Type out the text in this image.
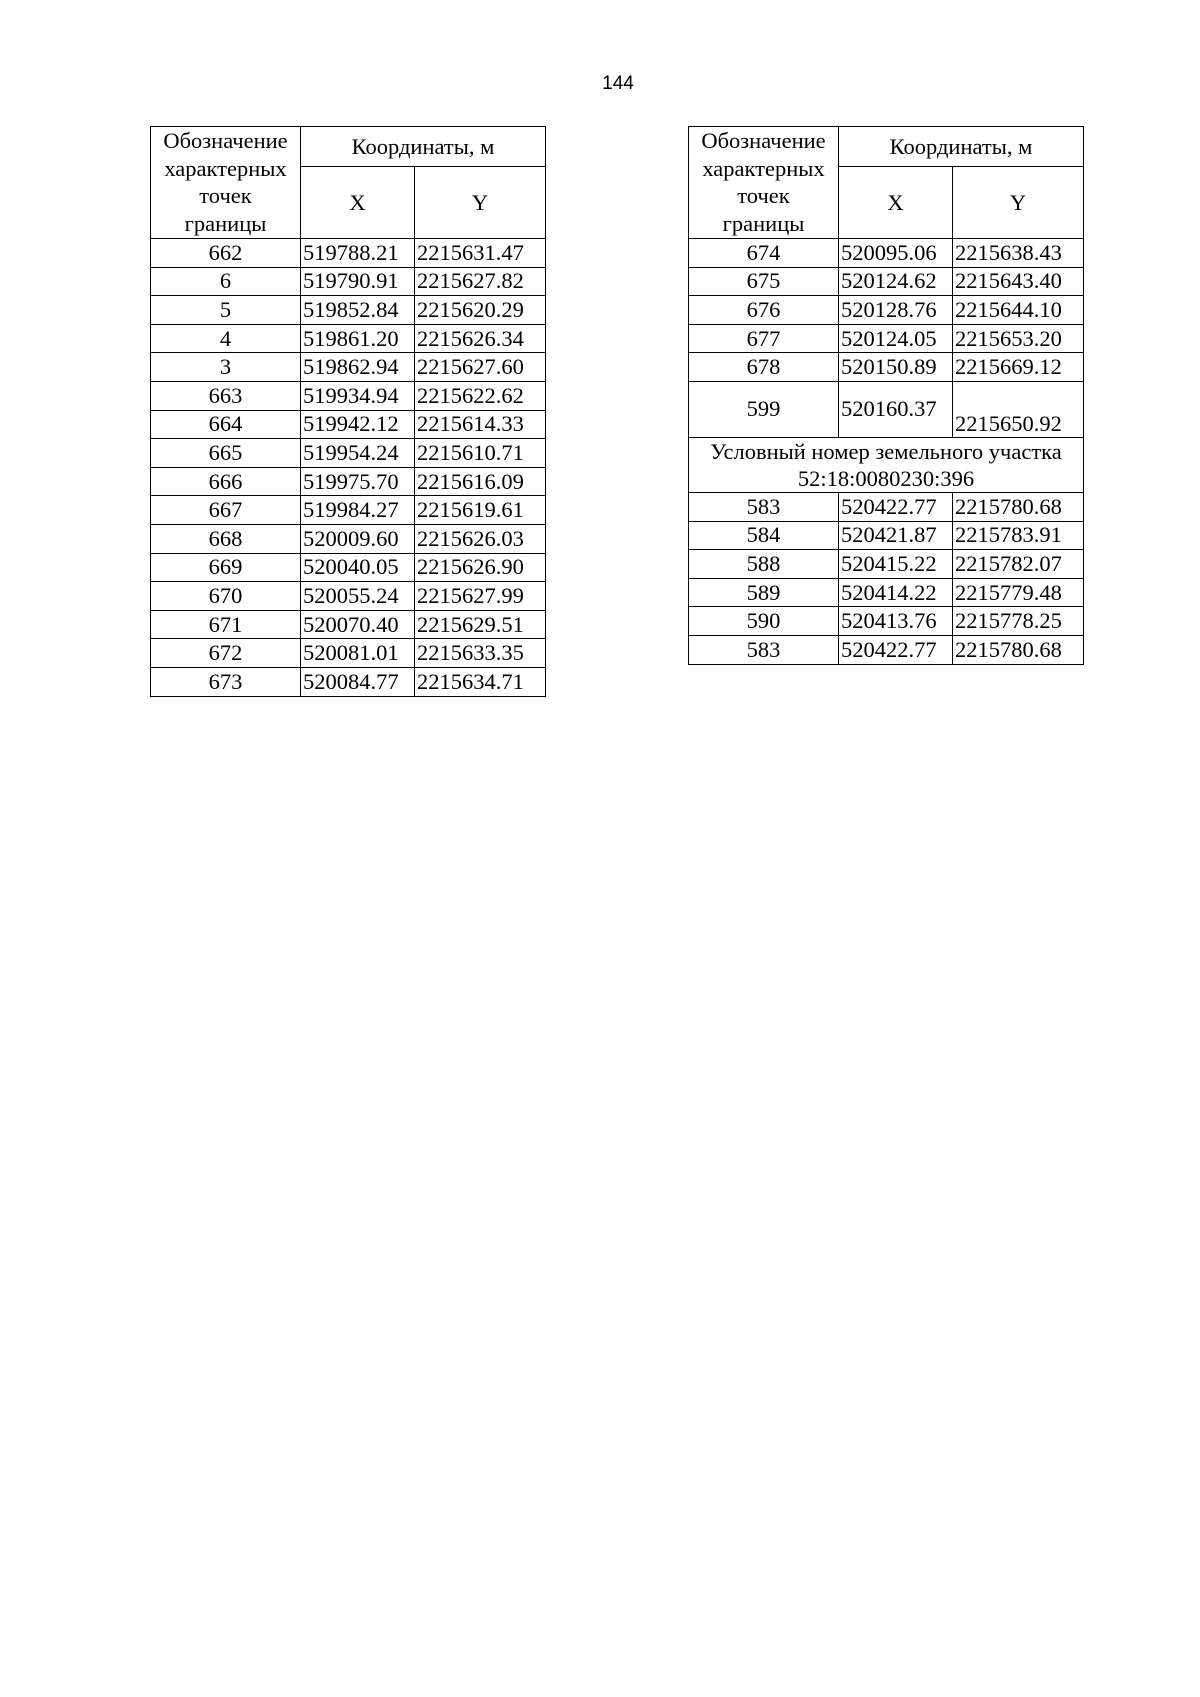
144
Обозначение
характерных
точек
границы	Координаты, м	
	X	Y
662	519788.21	2215631.47
6	519790.91	2215627.82
5	519852.84	2215620.29
4	519861.20	2215626.34
3	519862.94	2215627.60
663	519934.94	2215622.62
664	519942.12	2215614.33
665	519954.24	2215610.71
666	519975.70	2215616.09
667	519984.27	2215619.61
668	520009.60	2215626.03
669	520040.05	2215626.90
670	520055.24	2215627.99
671	520070.40	2215629.51
672	520081.01	2215633.35
673	520084.77	2215634.71
Обозначение
характерных
точек
границы	Координаты, м	
	X	Y
674	520095.06	2215638.43
675	520124.62	2215643.40
676	520128.76	2215644.10
677	520124.05	2215653.20
678	520150.89	2215669.12
599	520160.37	2215650.92
Условный номер земельного участка
52:18:0080230:396		
583	520422.77	2215780.68
584	520421.87	2215783.91
588	520415.22	2215782.07
589	520414.22	2215779.48
590	520413.76	2215778.25
583	520422.77	2215780.68
